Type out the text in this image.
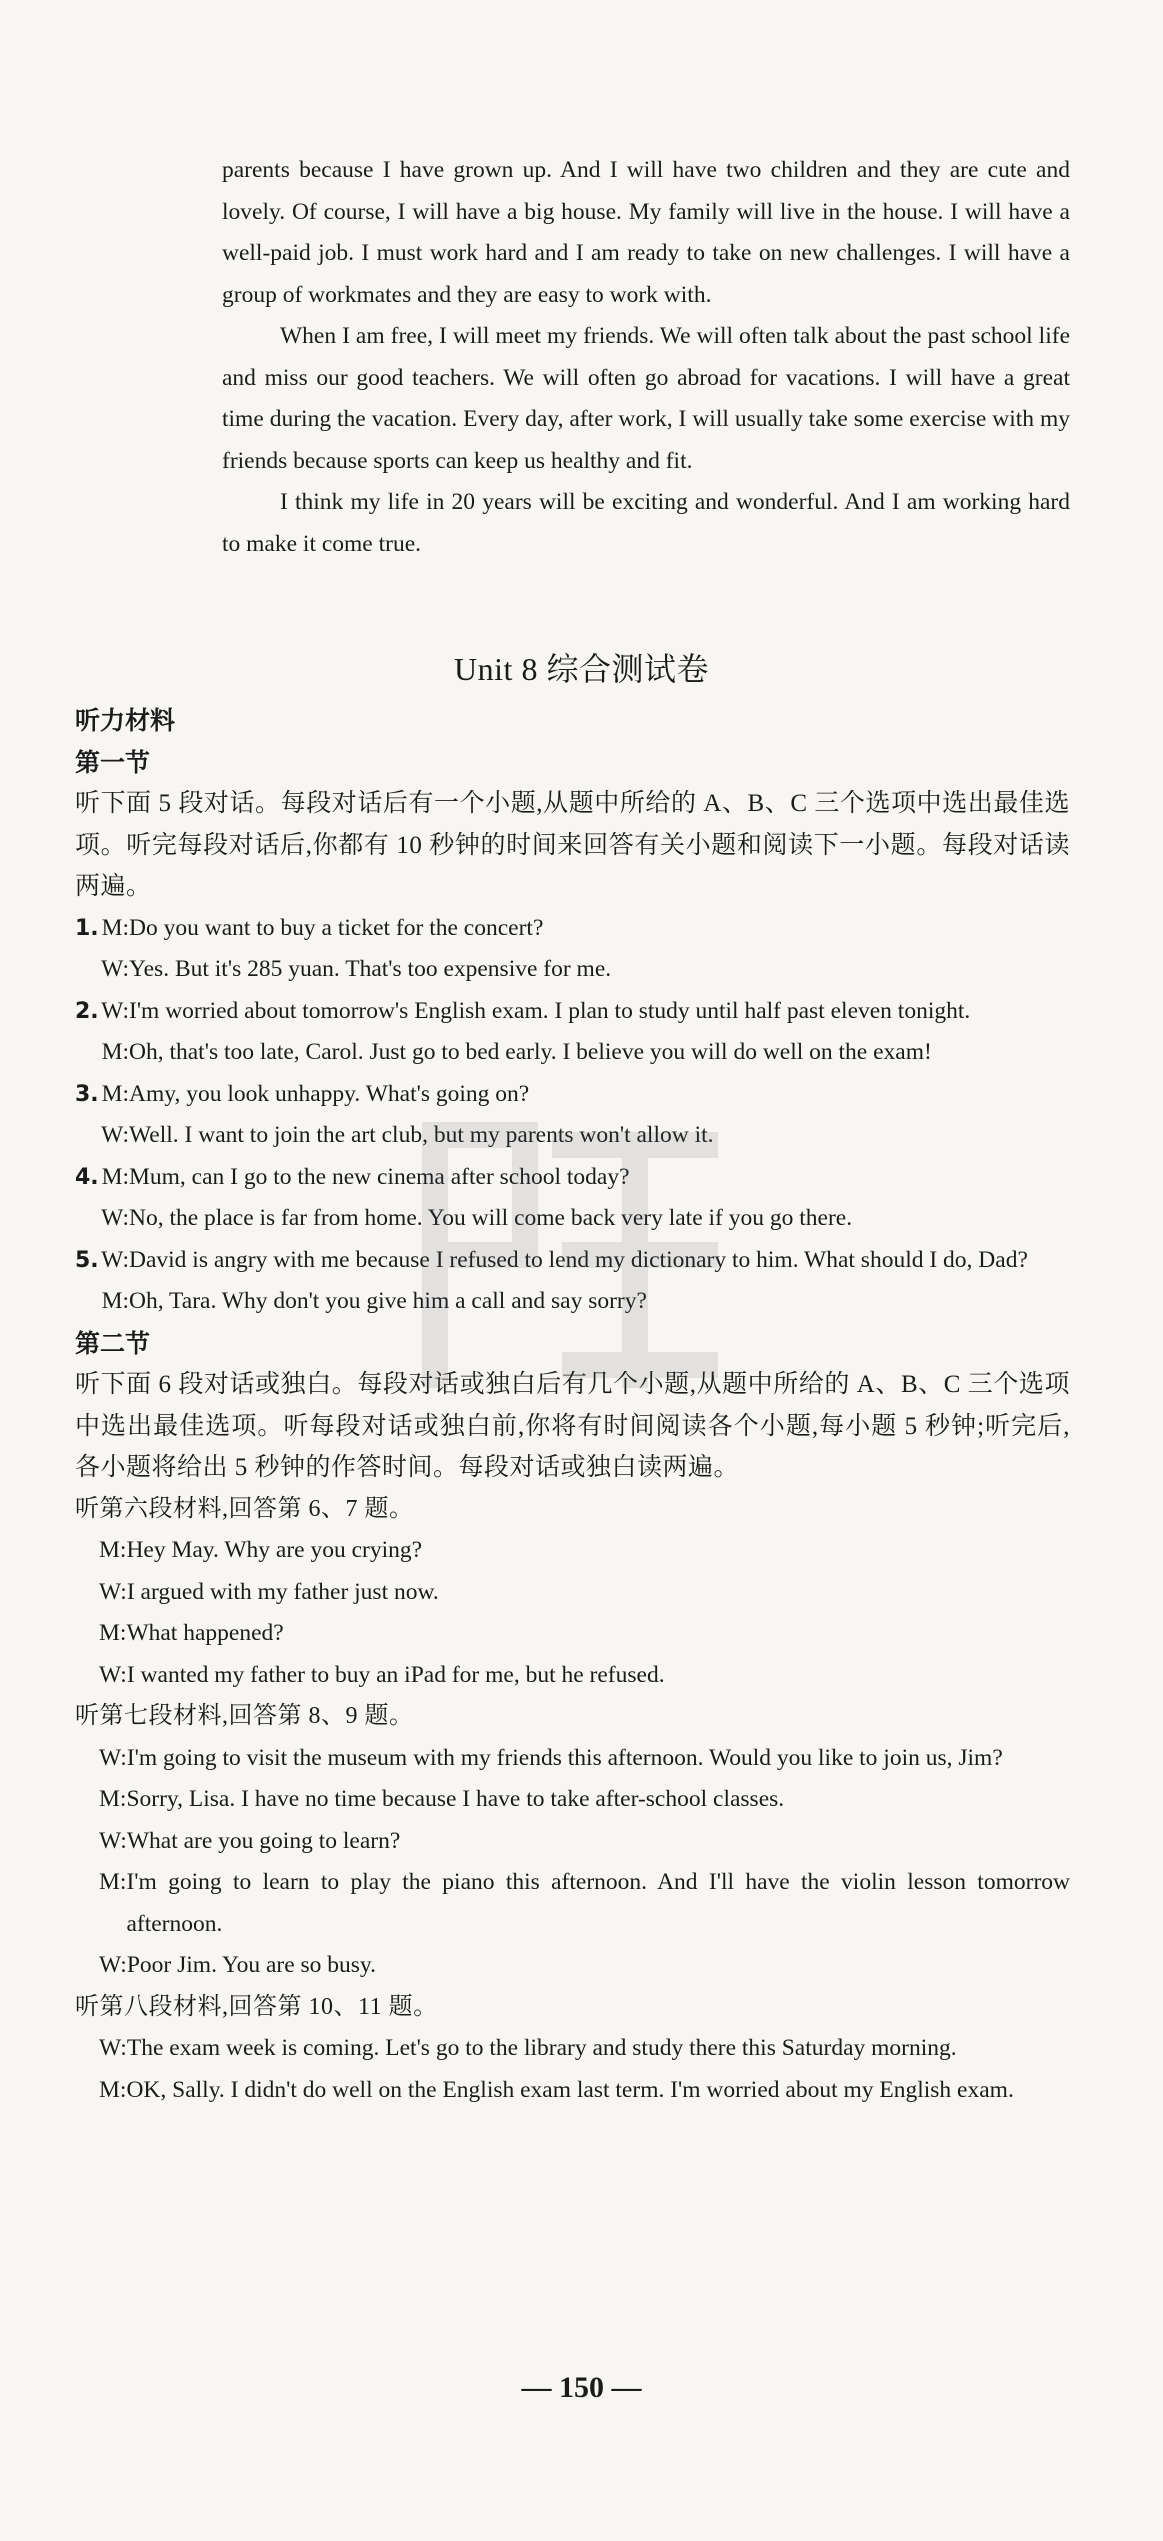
parents because I have grown up. And I will have two children and they are cute and lovely. Of course, I will have a big house. My family will live in the house. I will have a well-paid job. I must work hard and I am ready to take on new challenges. I will have a group of workmates and they are easy to work with.

When I am free, I will meet my friends. We will often talk about the past school life and miss our good teachers. We will often go abroad for vacations. I will have a great time during the vacation. Every day, after work, I will usually take some exercise with my friends because sports can keep us healthy and fit.

I think my life in 20 years will be exciting and wonderful. And I am working hard to make it come true.

Unit 8 综合测试卷

听力材料

第一节

听下面 5 段对话。每段对话后有一个小题,从题中所给的 A、B、C 三个选项中选出最佳选项。听完每段对话后,你都有 10 秒钟的时间来回答有关小题和阅读下一小题。每段对话读两遍。

1. M: Do you want to buy a ticket for the concert?
W: Yes. But it's 285 yuan. That's too expensive for me.
2. W: I'm worried about tomorrow's English exam. I plan to study until half past eleven tonight.
M: Oh, that's too late, Carol. Just go to bed early. I believe you will do well on the exam!
3. M: Amy, you look unhappy. What's going on?
W: Well. I want to join the art club, but my parents won't allow it.
4. M: Mum, can I go to the new cinema after school today?
W: No, the place is far from home. You will come back very late if you go there.
5. W: David is angry with me because I refused to lend my dictionary to him. What should I do, Dad?
M: Oh, Tara. Why don't you give him a call and say sorry?

第二节

听下面 6 段对话或独白。每段对话或独白后有几个小题,从题中所给的 A、B、C 三个选项中选出最佳选项。听每段对话或独白前,你将有时间阅读各个小题,每小题 5 秒钟;听完后,各小题将给出 5 秒钟的作答时间。每段对话或独白读两遍。

听第六段材料,回答第 6、7 题。

M: Hey May. Why are you crying?
W: I argued with my father just now.
M: What happened?
W: I wanted my father to buy an iPad for me, but he refused.

听第七段材料,回答第 8、9 题。

W: I'm going to visit the museum with my friends this afternoon. Would you like to join us, Jim?
M: Sorry, Lisa. I have no time because I have to take after-school classes.
W: What are you going to learn?
M: I'm going to learn to play the piano this afternoon. And I'll have the violin lesson tomorrow afternoon.
W: Poor Jim. You are so busy.

听第八段材料,回答第 10、11 题。

W: The exam week is coming. Let's go to the library and study there this Saturday morning.
M: OK, Sally. I didn't do well on the English exam last term. I'm worried about my English exam.
— 150 —
